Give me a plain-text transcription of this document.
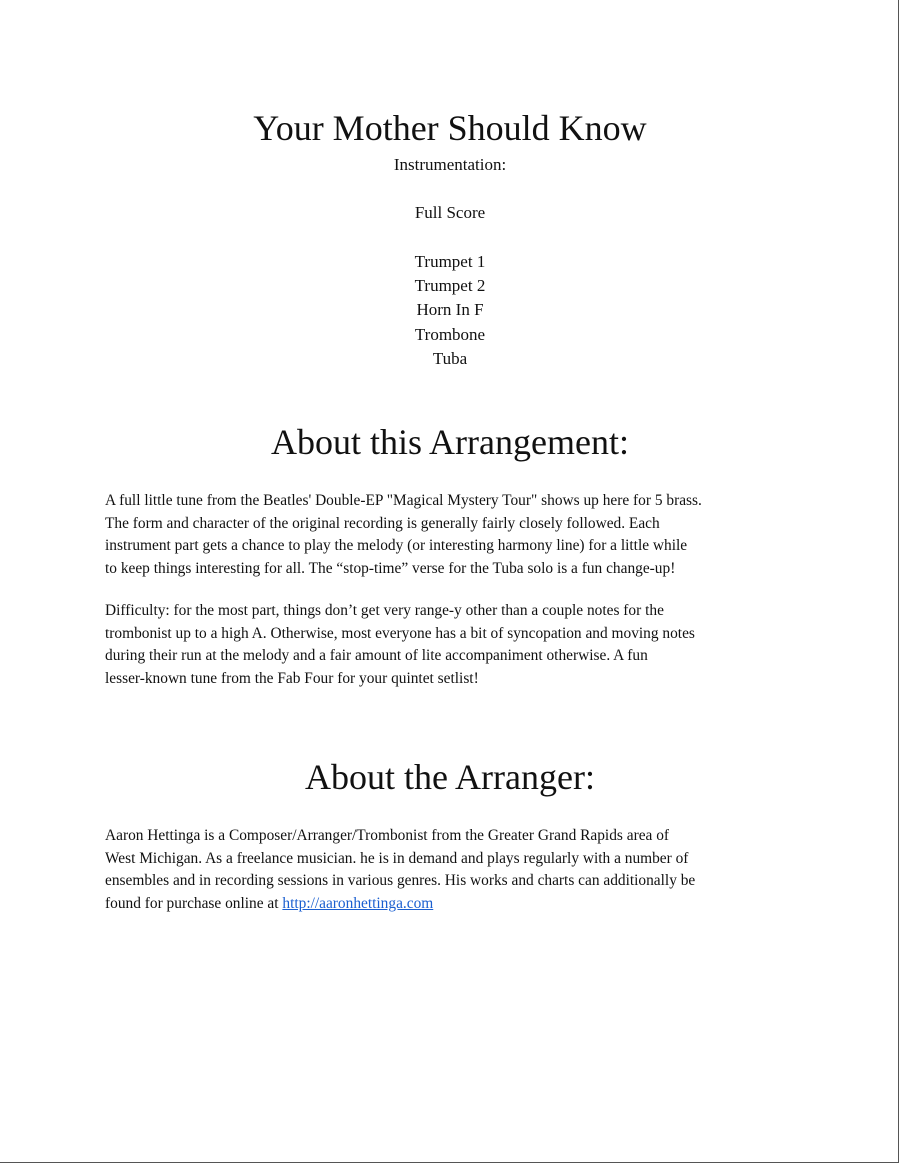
Your Mother Should Know
Instrumentation:
Full Score
Trumpet 1
Trumpet 2
Horn In F
Trombone
Tuba
About this Arrangement:

A full little tune from the Beatles' Double-EP "Magical Mystery Tour" shows up here for 5 brass.
The form and character of the original recording is generally fairly closely followed. Each
instrument part gets a chance to play the melody (or interesting harmony line) for a little while
to keep things interesting for all. The “stop-time” verse for the Tuba solo is a fun change-up!

Difficulty: for the most part, things don’t get very range-y other than a couple notes for the
trombonist up to a high A. Otherwise, most everyone has a bit of syncopation and moving notes
during their run at the melody and a fair amount of lite accompaniment otherwise. A fun
lesser-known tune from the Fab Four for your quintet setlist!

About the Arranger:

Aaron Hettinga is a Composer/Arranger/Trombonist from the Greater Grand Rapids area of
West Michigan. As a freelance musician. he is in demand and plays regularly with a number of
ensembles and in recording sessions in various genres. His works and charts can additionally be
found for purchase online at http://aaronhettinga.com
